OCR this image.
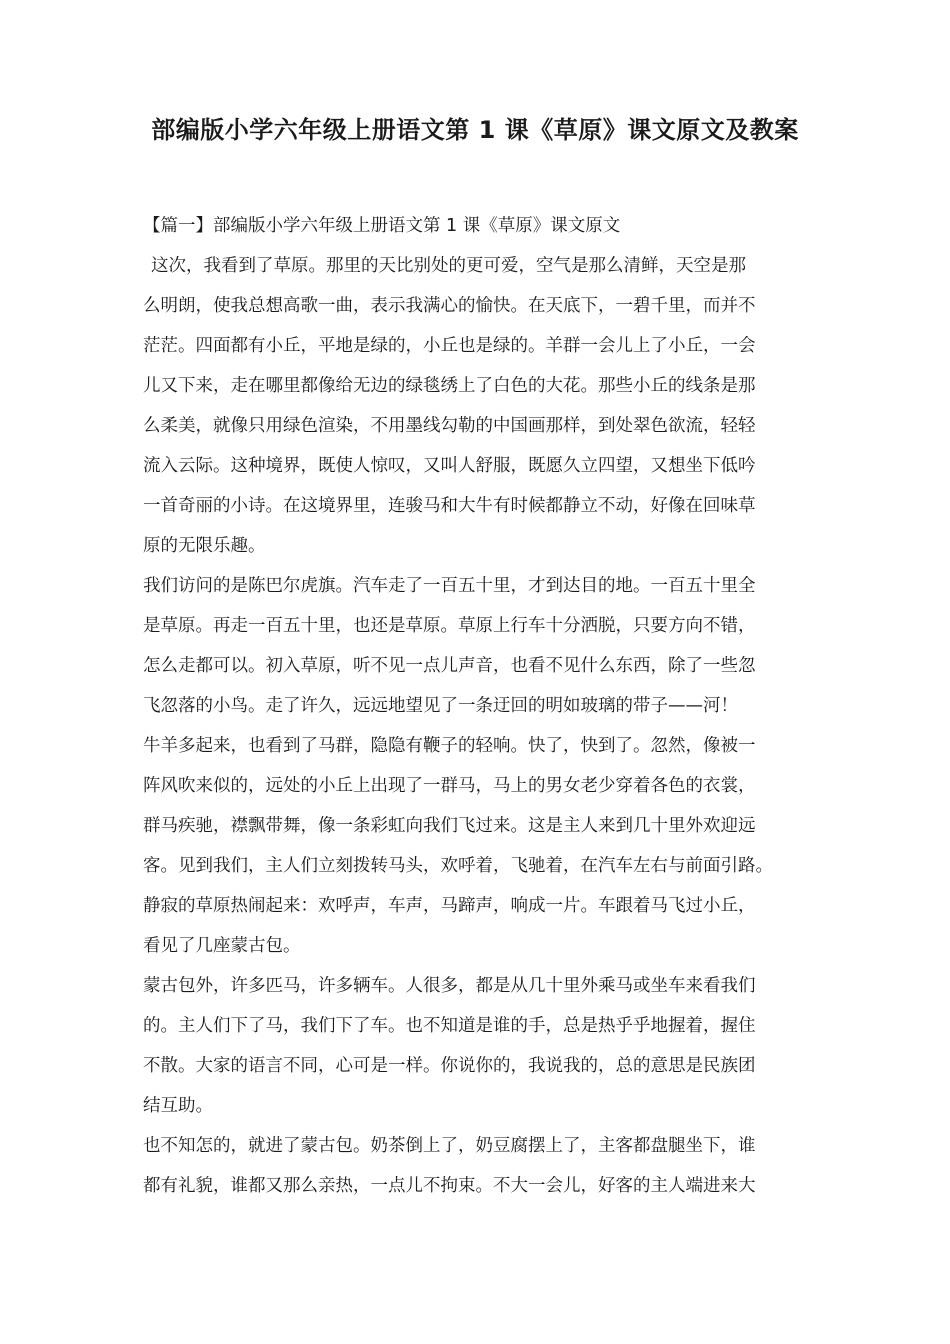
部编版小学六年级上册语文第 1 课《草原》课文原文及教案
【篇一】部编版小学六年级上册语文第 1 课《草原》课文原文
这次，我看到了草原。那里的天比别处的更可爱，空气是那么清鲜，天空是那
么明朗，使我总想高歌一曲，表示我满心的愉快。在天底下，一碧千里，而并不
茫茫。四面都有小丘，平地是绿的，小丘也是绿的。羊群一会儿上了小丘，一会
儿又下来，走在哪里都像给无边的绿毯绣上了白色的大花。那些小丘的线条是那
么柔美，就像只用绿色渲染，不用墨线勾勒的中国画那样，到处翠色欲流，轻轻
流入云际。这种境界，既使人惊叹，又叫人舒服，既愿久立四望，又想坐下低吟
一首奇丽的小诗。在这境界里，连骏马和大牛有时候都静立不动，好像在回味草
原的无限乐趣。
我们访问的是陈巴尔虎旗。汽车走了一百五十里，才到达目的地。一百五十里全
是草原。再走一百五十里，也还是草原。草原上行车十分洒脱，只要方向不错，
怎么走都可以。初入草原，听不见一点儿声音，也看不见什么东西，除了一些忽
飞忽落的小鸟。走了许久，远远地望见了一条迂回的明如玻璃的带子——河！
牛羊多起来，也看到了马群，隐隐有鞭子的轻响。快了，快到了。忽然，像被一
阵风吹来似的，远处的小丘上出现了一群马，马上的男女老少穿着各色的衣裳，
群马疾驰，襟飘带舞，像一条彩虹向我们飞过来。这是主人来到几十里外欢迎远
客。见到我们，主人们立刻拨转马头，欢呼着，飞驰着，在汽车左右与前面引路。
静寂的草原热闹起来：欢呼声，车声，马蹄声，响成一片。车跟着马飞过小丘，
看见了几座蒙古包。
蒙古包外，许多匹马，许多辆车。人很多，都是从几十里外乘马或坐车来看我们
的。主人们下了马，我们下了车。也不知道是谁的手，总是热乎乎地握着，握住
不散。大家的语言不同，心可是一样。你说你的，我说我的，总的意思是民族团
结互助。
也不知怎的，就进了蒙古包。奶茶倒上了，奶豆腐摆上了，主客都盘腿坐下，谁
都有礼貌，谁都又那么亲热，一点儿不拘束。不大一会儿，好客的主人端进来大
